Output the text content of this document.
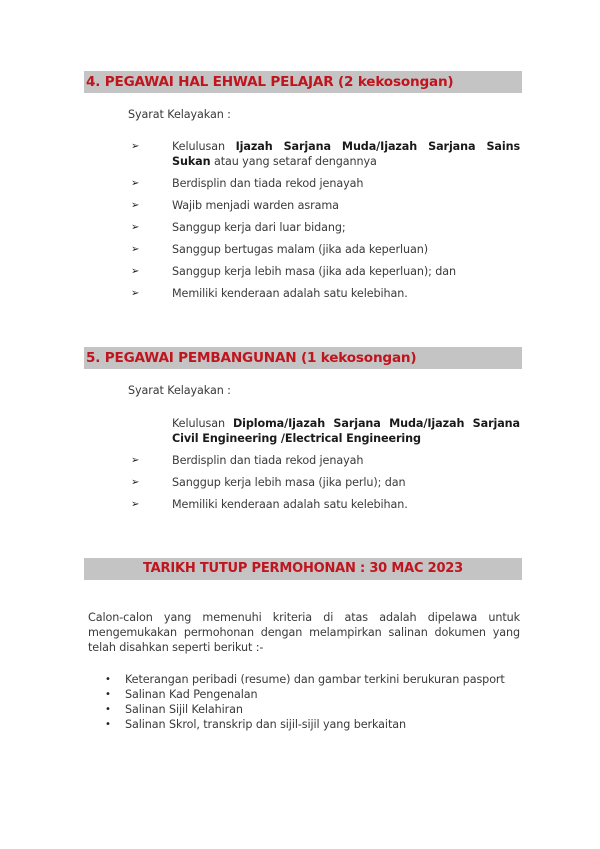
4. PEGAWAI HAL EHWAL PELAJAR (2 kekosongan)
Syarat Kelayakan :
➢	Kelulusan Ijazah Sarjana Muda/Ijazah Sarjana Sains Sukan atau yang setaraf dengannya
➢	Berdisplin dan tiada rekod jenayah
➢	Wajib menjadi warden asrama
➢	Sanggup kerja dari luar bidang;
➢	Sanggup bertugas malam (jika ada keperluan)
➢	Sanggup kerja lebih masa (jika ada keperluan); dan
➢	Memiliki kenderaan adalah satu kelebihan.
5. PEGAWAI PEMBANGUNAN (1 kekosongan)
Syarat Kelayakan :
Kelulusan Diploma/Ijazah Sarjana Muda/Ijazah Sarjana Civil Engineering /Electrical Engineering
➢	Berdisplin dan tiada rekod jenayah
➢	Sanggup kerja lebih masa (jika perlu); dan
➢	Memiliki kenderaan adalah satu kelebihan.
TARIKH TUTUP PERMOHONAN : 30 MAC 2023
Calon-calon yang memenuhi kriteria di atas adalah dipelawa untuk mengemukakan permohonan dengan melampirkan salinan dokumen yang telah disahkan seperti berikut :-
• Keterangan peribadi (resume) dan gambar terkini berukuran pasport
• Salinan Kad Pengenalan
• Salinan Sijil Kelahiran
• Salinan Skrol, transkrip dan sijil-sijil yang berkaitan
